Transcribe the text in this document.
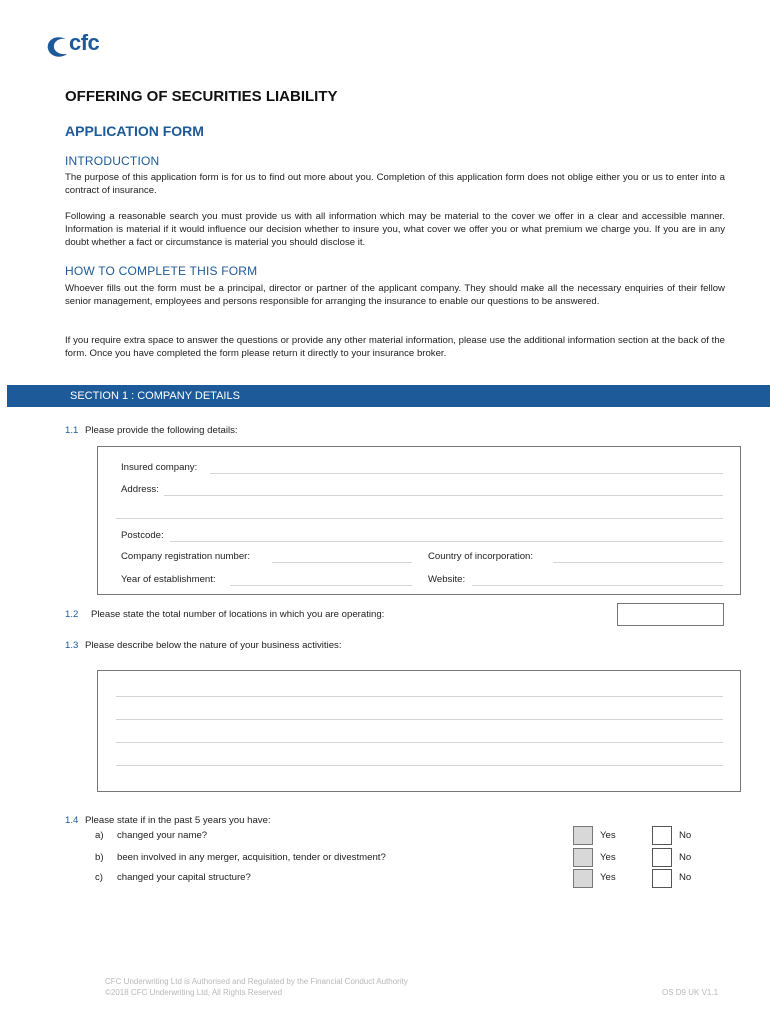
cfc
OFFERING OF SECURITIES LIABILITY
APPLICATION FORM
INTRODUCTION
The purpose of this application form is for us to find out more about you. Completion of this application form does not oblige either you or us to enter into a contract of insurance.
Following a reasonable search you must provide us with all information which may be material to the cover we offer in a clear and accessible manner. Information is material if it would influence our decision whether to insure you, what cover we offer you or what premium we charge you. If you are in any doubt whether a fact or circumstance is material you should disclose it.
HOW TO COMPLETE THIS FORM
Whoever fills out the form must be a principal, director or partner of the applicant company. They should make all the necessary enquiries of their fellow senior management, employees and persons responsible for arranging the insurance to enable our questions to be answered.
If you require extra space to answer the questions or provide any other material information, please use the additional information section at the back of the form. Once you have completed the form please return it directly to your insurance broker.
SECTION 1 : COMPANY DETAILS
1.1 Please provide the following details:
Insured company:
Address:
Postcode:
Company registration number:	Country of incorporation:
Year of establishment:	Website:
1.2 Please state the total number of locations in which you are operating:
1.3 Please describe below the nature of your business activities:
1.4 Please state if in the past 5 years you have:
a) changed your name?	Yes	No
b) been involved in any merger, acquisition, tender or divestment?	Yes	No
c) changed your capital structure?	Yes	No
CFC Underwriting Ltd is Authorised and Regulated by the Financial Conduct Authority
©2018 CFC Underwriting Ltd, All Rights Reserved	OS D9 UK V1.1
